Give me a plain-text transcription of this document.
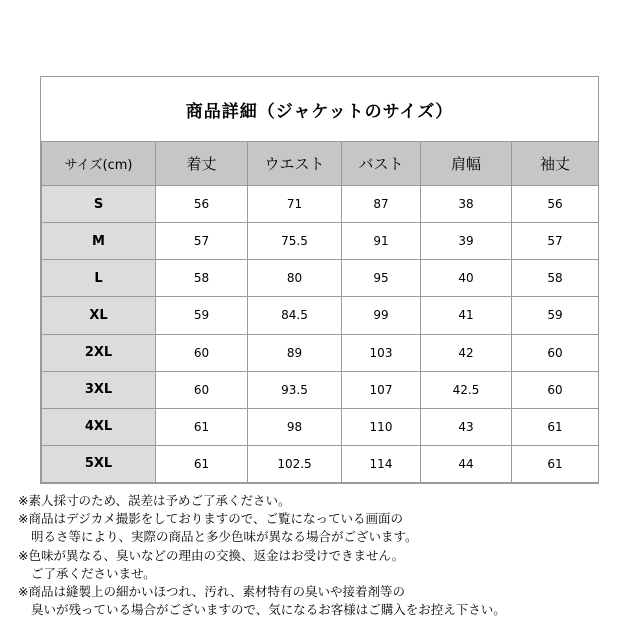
商品詳細（ジャケットのサイズ）
サイズ(cm)	着丈	ウエスト	バスト	肩幅	袖丈
S	56	71	87	38	56
M	57	75.5	91	39	57
L	58	80	95	40	58
XL	59	84.5	99	41	59
2XL	60	89	103	42	60
3XL	60	93.5	107	42.5	60
4XL	61	98	110	43	61
5XL	61	102.5	114	44	61
※素人採寸のため、誤差は予めご了承ください。
※商品はデジカメ撮影をしておりますので、ご覧になっている画面の
明るさ等により、実際の商品と多少色味が異なる場合がございます。
※色味が異なる、臭いなどの理由の交換、返金はお受けできません。
ご了承くださいませ。
※商品は縫製上の細かいほつれ、汚れ、素材特有の臭いや接着剤等の
臭いが残っている場合がございますので、気になるお客様はご購入をお控え下さい。
